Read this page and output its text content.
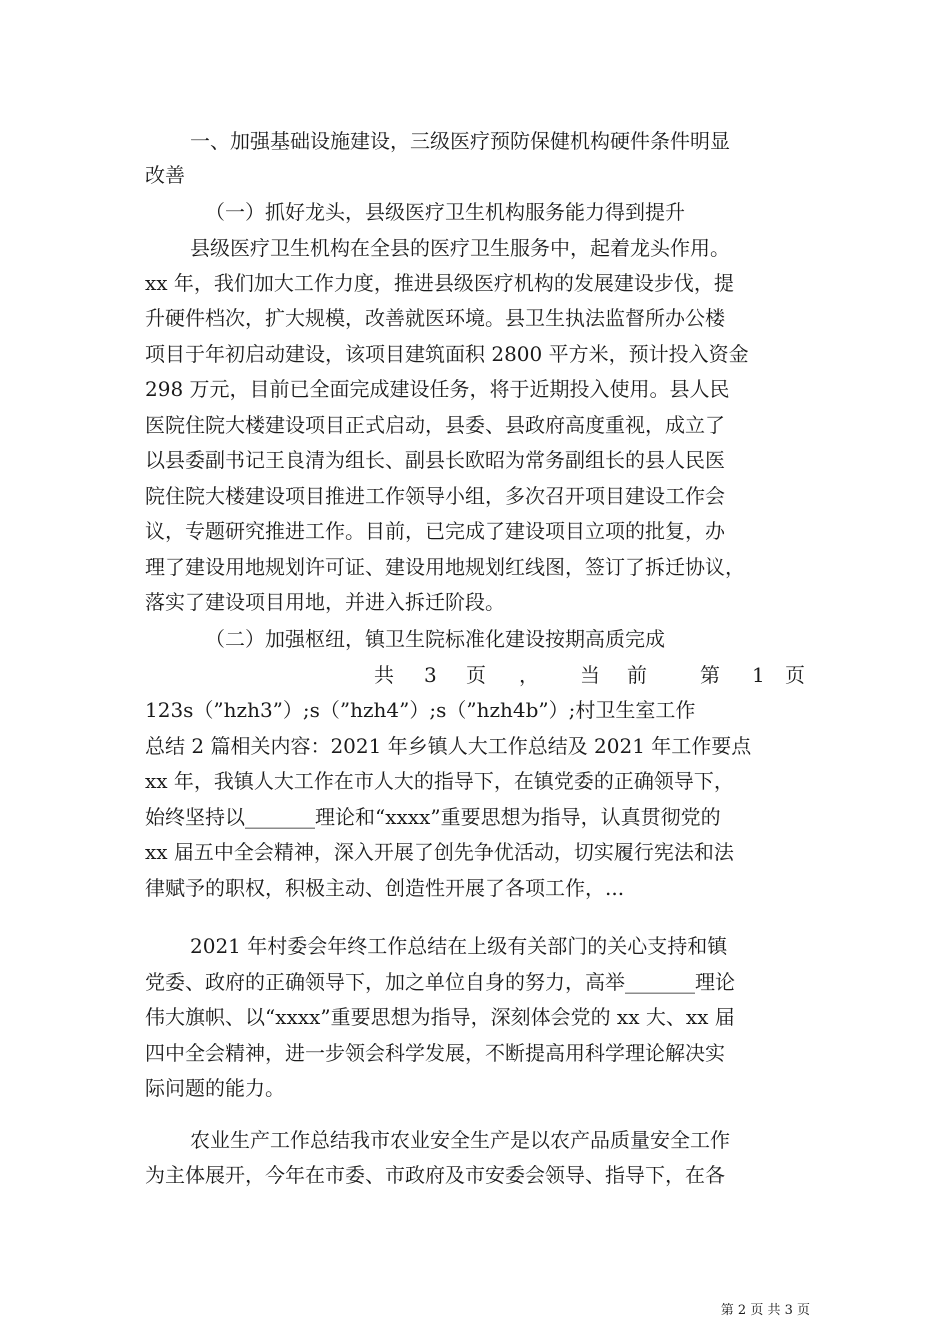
一、加强基础设施建设，三级医疗预防保健机构硬件条件明显
改善
（一）抓好龙头，县级医疗卫生机构服务能力得到提升
县级医疗卫生机构在全县的医疗卫生服务中，起着龙头作用。
xx 年，我们加大工作力度，推进县级医疗机构的发展建设步伐，提
升硬件档次，扩大规模，改善就医环境。县卫生执法监督所办公楼
项目于年初启动建设，该项目建筑面积 2800 平方米，预计投入资金
298 万元，目前已全面完成建设任务，将于近期投入使用。县人民
医院住院大楼建设项目正式启动，县委、县政府高度重视，成立了
以县委副书记王良清为组长、副县长欧昭为常务副组长的县人民医
院住院大楼建设项目推进工作领导小组，多次召开项目建设工作会
议，专题研究推进工作。目前，已完成了建设项目立项的批复，办
理了建设用地规划许可证、建设用地规划红线图，签订了拆迁协议，
落实了建设项目用地，并进入拆迁阶段。
（二）加强枢纽，镇卫生院标准化建设按期高质完成
共 3 页 ， 当 前	第 1 页
123s（”hzh3”）;s（”hzh4”）;s（”hzh4b”）;村卫生室工作
总结 2 篇相关内容：2021 年乡镇人大工作总结及 2021 年工作要点
xx 年，我镇人大工作在市人大的指导下，在镇党委的正确领导下，
始终坚持以_______理论和“xxxx”重要思想为指导，认真贯彻党的
xx 届五中全会精神，深入开展了创先争优活动，切实履行宪法和法
律赋予的职权，积极主动、创造性开展了各项工作，...
2021 年村委会年终工作总结在上级有关部门的关心支持和镇
党委、政府的正确领导下，加之单位自身的努力，高举_______理论
伟大旗帜、以“xxxx”重要思想为指导，深刻体会党的 xx 大、xx 届
四中全会精神，进一步领会科学发展，不断提高用科学理论解决实
际问题的能力。
农业生产工作总结我市农业安全生产是以农产品质量安全工作
为主体展开，今年在市委、市政府及市安委会领导、指导下，在各
第 2 页 共 3 页
